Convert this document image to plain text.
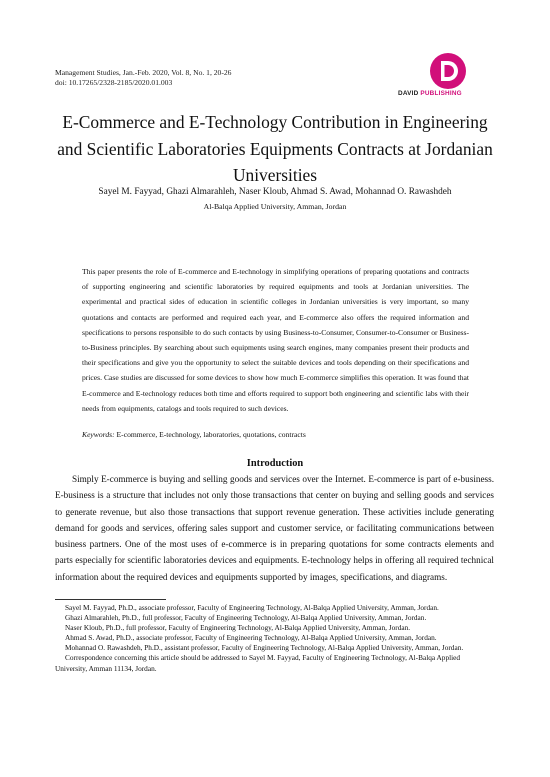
Management Studies, Jan.-Feb. 2020, Vol. 8, No. 1, 20-26
doi: 10.17265/2328-2185/2020.01.003
DAVID PUBLISHING
E-Commerce and E-Technology Contribution in Engineering
and Scientific Laboratories Equipments Contracts at Jordanian
Universities
Sayel M. Fayyad, Ghazi Almarahleh, Naser Kloub, Ahmad S. Awad, Mohannad O. Rawashdeh
Al-Balqa Applied University, Amman, Jordan

This paper presents the role of E-commerce and E-technology in simplifying operations of preparing quotations and contracts of supporting engineering and scientific laboratories by required equipments and tools at Jordanian universities. The experimental and practical sides of education in scientific colleges in Jordanian universities is very important, so many quotations and contacts are performed and required each year, and E-commerce also offers the required information and specifications to persons responsible to do such contacts by using Business-to-Consumer, Consumer-to-Consumer or Business-to-Business principles. By searching about such equipments using search engines, many companies present their products and their specifications and give you the opportunity to select the suitable devices and tools depending on their specifications and prices. Case studies are discussed for some devices to show how much E-commerce simplifies this operation. It was found that E-commerce and E-technology reduces both time and efforts required to support both engineering and scientific labs with their needs from equipments, catalogs and tools required to such devices.

Keywords: E-commerce, E-technology, laboratories, quotations, contracts
Introduction

Simply E-commerce is buying and selling goods and services over the Internet. E-commerce is part of e-business. E-business is a structure that includes not only those transactions that center on buying and selling goods and services to generate revenue, but also those transactions that support revenue generation. These activities include generating demand for goods and services, offering sales support and customer service, or facilitating communications between business partners. One of the most uses of e-commerce is in preparing quotations for some contracts elements and parts especially for scientific laboratories devices and equipments. E-technology helps in offering all required technical information about the required devices and equipments supported by images, specifications, and diagrams.

Sayel M. Fayyad, Ph.D., associate professor, Faculty of Engineering Technology, Al-Balqa Applied University, Amman, Jordan.

Ghazi Almarahleh, Ph.D., full professor, Faculty of Engineering Technology, Al-Balqa Applied University, Amman, Jordan.

Naser Kloub, Ph.D., full professor, Faculty of Engineering Technology, Al-Balqa Applied University, Amman, Jordan.

Ahmad S. Awad, Ph.D., associate professor, Faculty of Engineering Technology, Al-Balqa Applied University, Amman, Jordan.

Mohannad O. Rawashdeh, Ph.D., assistant professor, Faculty of Engineering Technology, Al-Balqa Applied University, Amman, Jordan.

Correspondence concerning this article should be addressed to Sayel M. Fayyad, Faculty of Engineering Technology, Al-Balqa Applied University, Amman 11134, Jordan.
